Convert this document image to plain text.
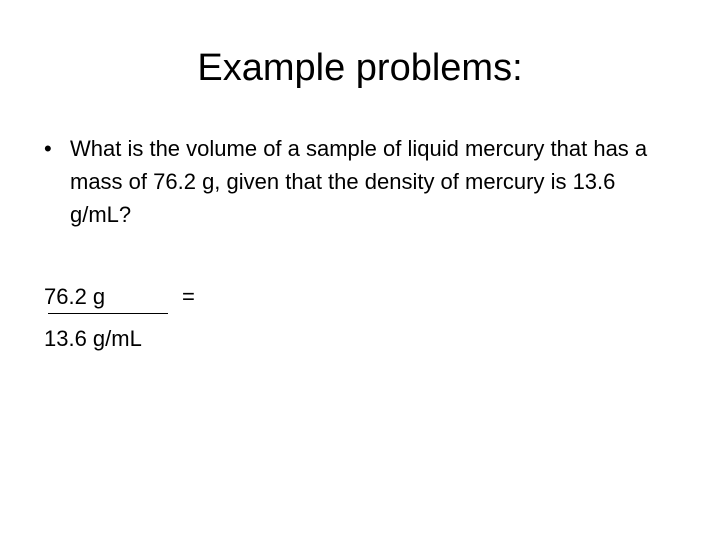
Example problems:
• What is the volume of a sample of liquid mercury that has a mass of 76.2 g, given that the density of mercury is 13.6 g/mL?
76.2 g	=
13.6 g/mL
